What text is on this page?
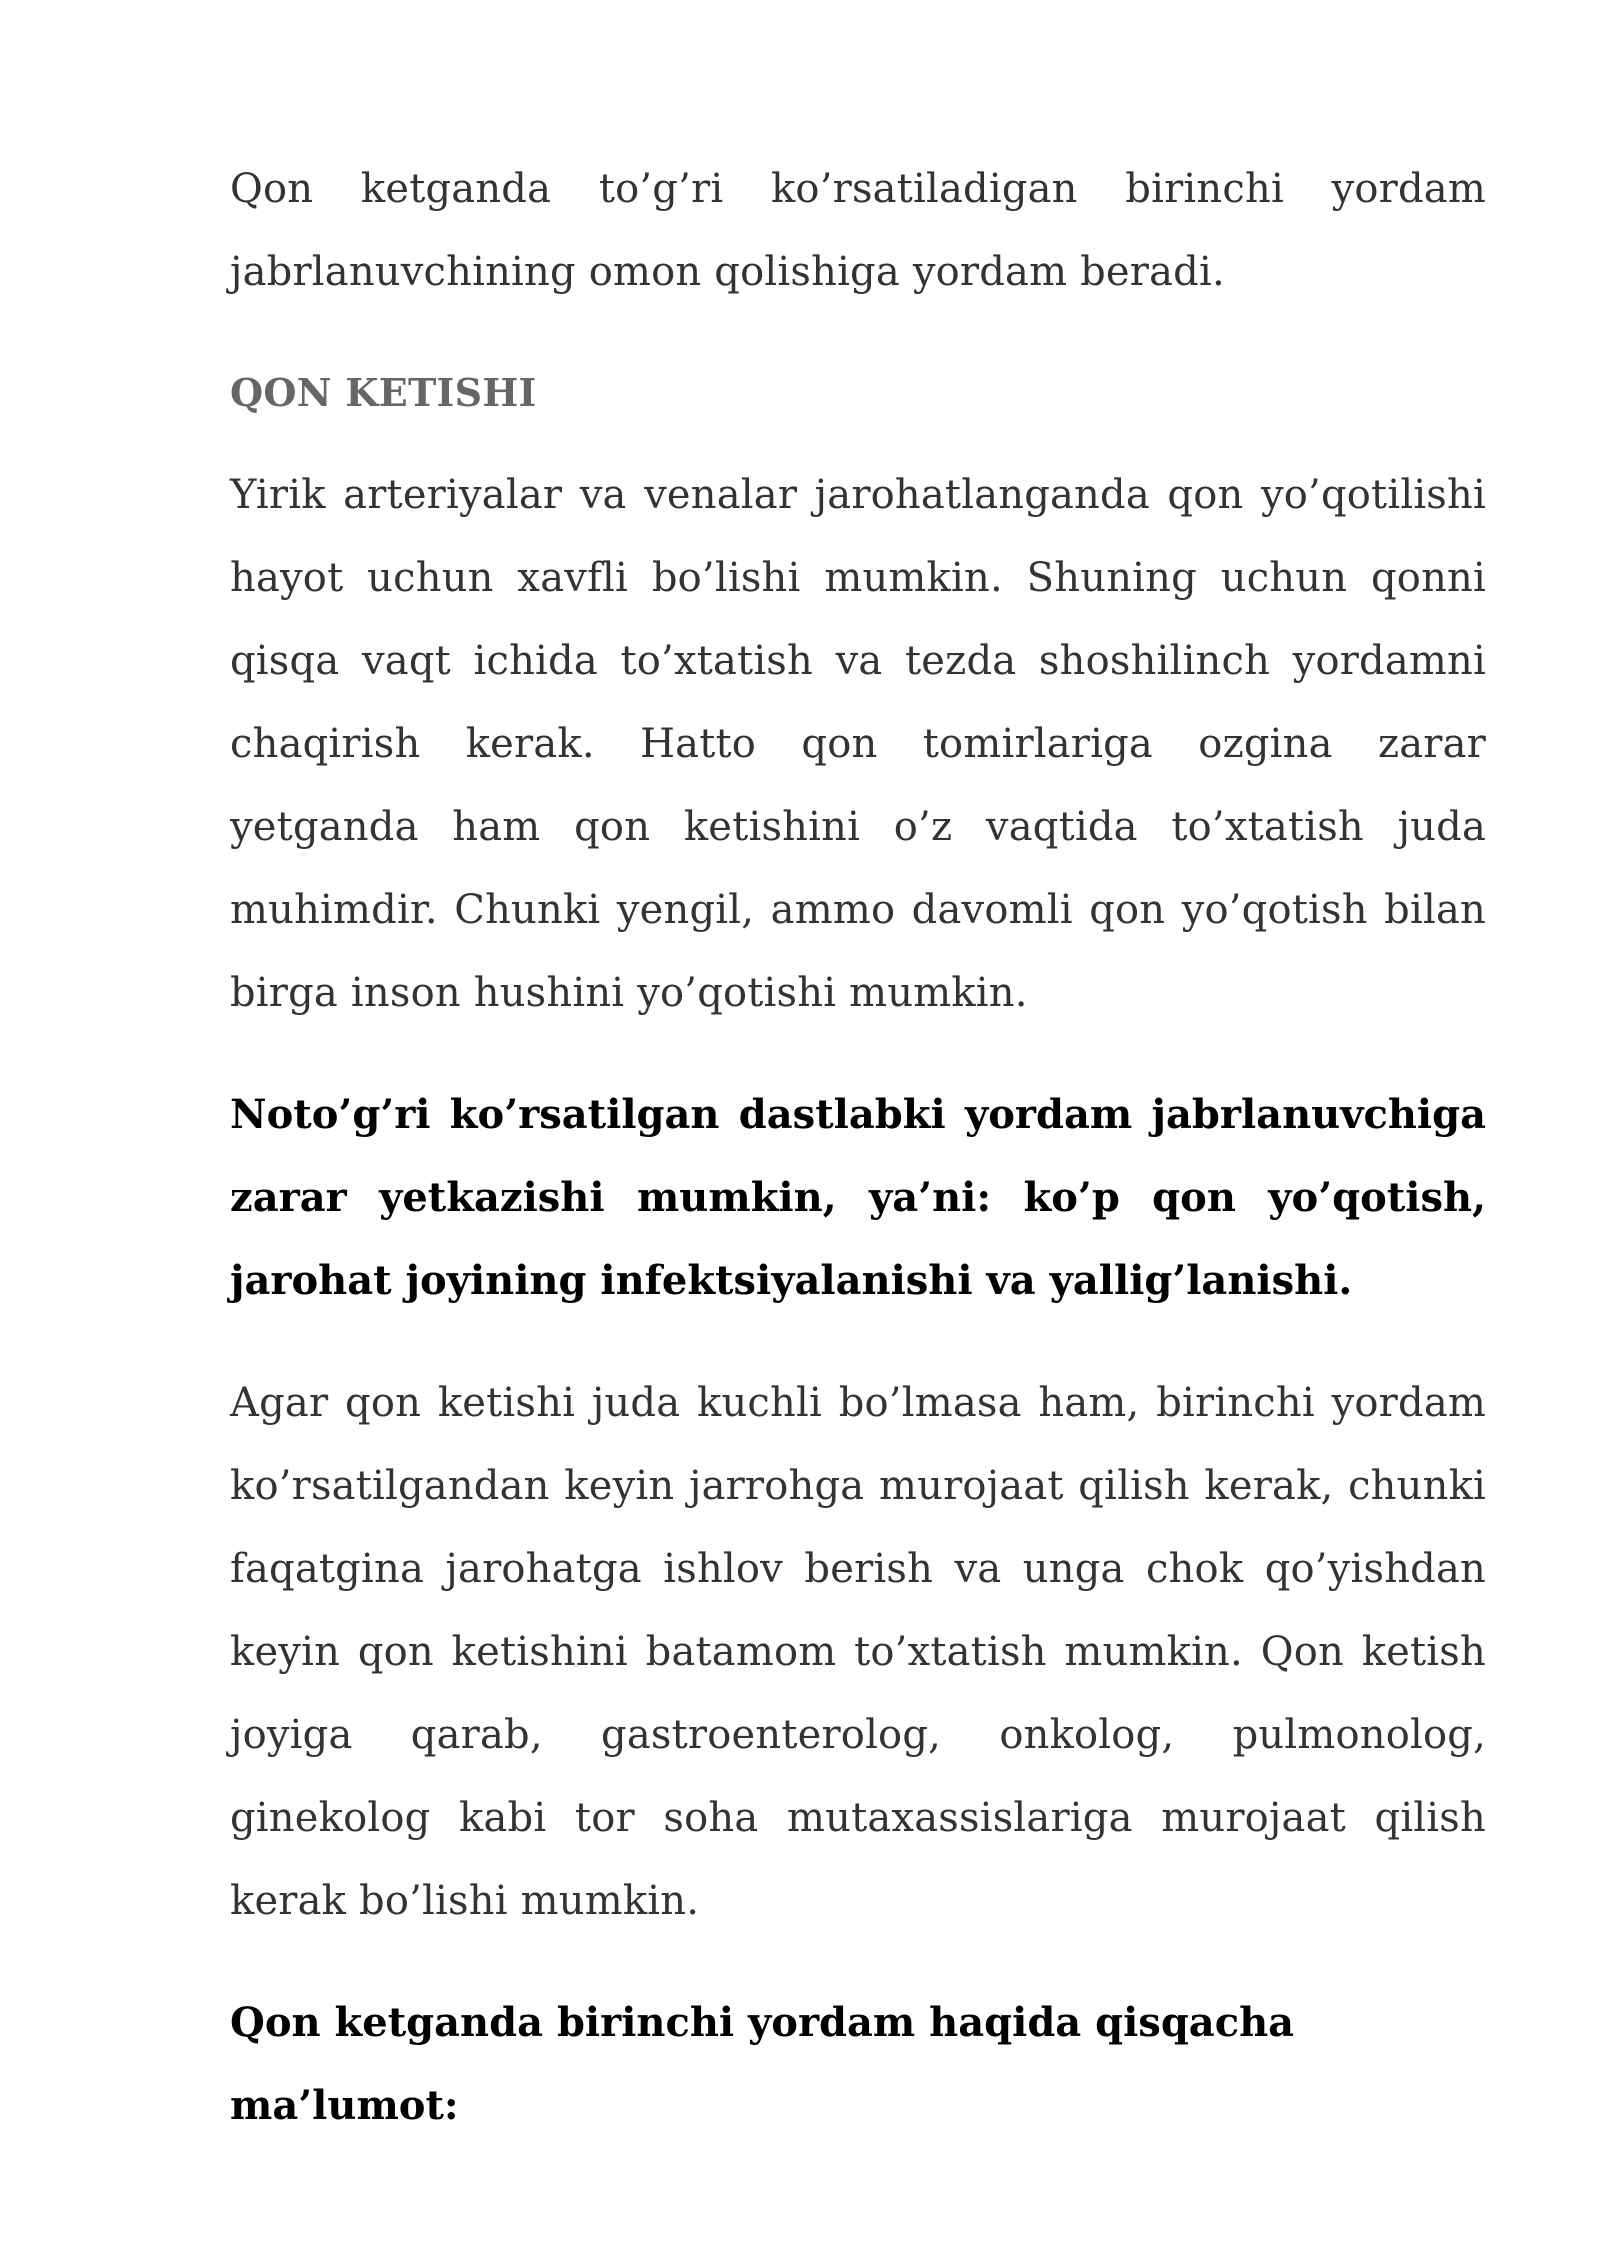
Qon ketganda to’g’ri ko’rsatiladigan birinchi yordam jabrlanuvchining omon qolishiga yordam beradi.

QON KETISHI

Yirik arteriyalar va venalar jarohatlanganda qon yo’qotilishi hayot uchun xavfli bo’lishi mumkin. Shuning uchun qonni qisqa vaqt ichida to’xtatish va tezda shoshilinch yordamni chaqirish kerak. Hatto qon tomirlariga ozgina zarar yetganda ham qon ketishini o’z vaqtida to’xtatish juda muhimdir. Chunki yengil, ammo davomli qon yo’qotish bilan birga inson hushini yo’qotishi mumkin.

Noto’g’ri ko’rsatilgan dastlabki yordam jabrlanuvchiga zarar yetkazishi mumkin, ya’ni: ko’p qon yo’qotish, jarohat joyining infektsiyalanishi va yallig’lanishi.

Agar qon ketishi juda kuchli bo’lmasa ham, birinchi yordam ko’rsatilgandan keyin jarrohga murojaat qilish kerak, chunki faqatgina jarohatga ishlov berish va unga chok qo’yishdan keyin qon ketishini batamom to’xtatish mumkin. Qon ketish joyiga qarab, gastroenterolog, onkolog, pulmonolog, ginekolog kabi tor soha mutaxassislariga murojaat qilish kerak bo’lishi mumkin.

Qon ketganda birinchi yordam haqida qisqacha ma’lumot:
